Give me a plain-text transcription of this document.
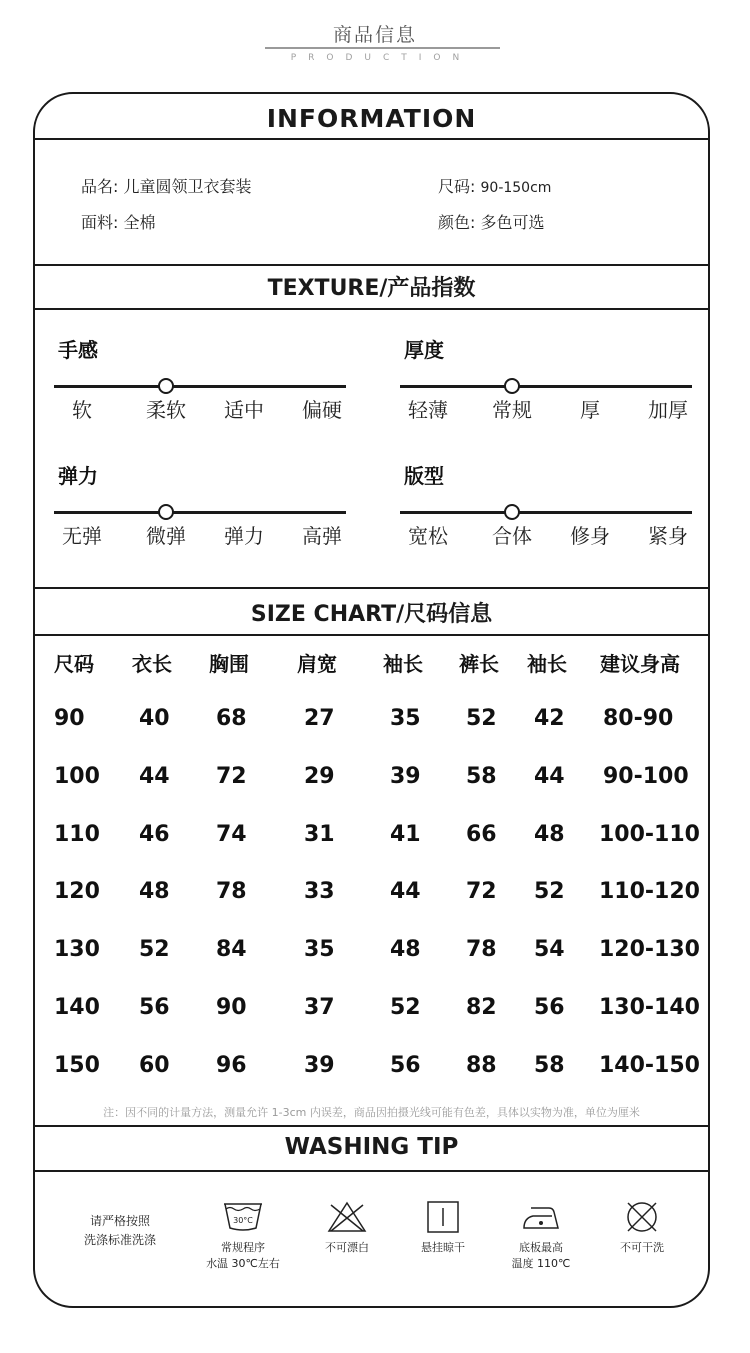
商品信息
PRODUCTION
INFORMATION
品名: 儿童圆领卫衣套装	尺码: 90-150cm
面料: 全棉	颜色: 多色可选
TEXTURE/产品指数
SIZE CHART/尺码信息
注：因不同的计量方法，测量允许 1-3cm 内误差，商品因拍摄光线可能有色差，具体以实物为准，单位为厘米
WASHING TIP
请严格按照
洗涤标准洗涤
30°C
常规程序
水温 30℃左右
不可漂白	悬挂晾干	底板最高
温度 110℃
不可干洗
手感
软	柔软	适中	偏硬
厚度
轻薄	常规	厚	加厚
弹力
无弹	微弹	弹力	高弹
版型
宽松	合体	修身	紧身
尺码 衣长 胸围 肩宽 袖长 裤长 袖长 建议身高
90 40 68	27	35 52 42 80-90
100 44 72	29	39 58 44 90-100
110 46 74	31	41 66 48 100-110
120 48 78	33	44 72 52 110-120
130 52 84	35	48 78 54 120-130
140 56 90	37	52 82 56 130-140
150 60 96	39	56 88 58 140-150
